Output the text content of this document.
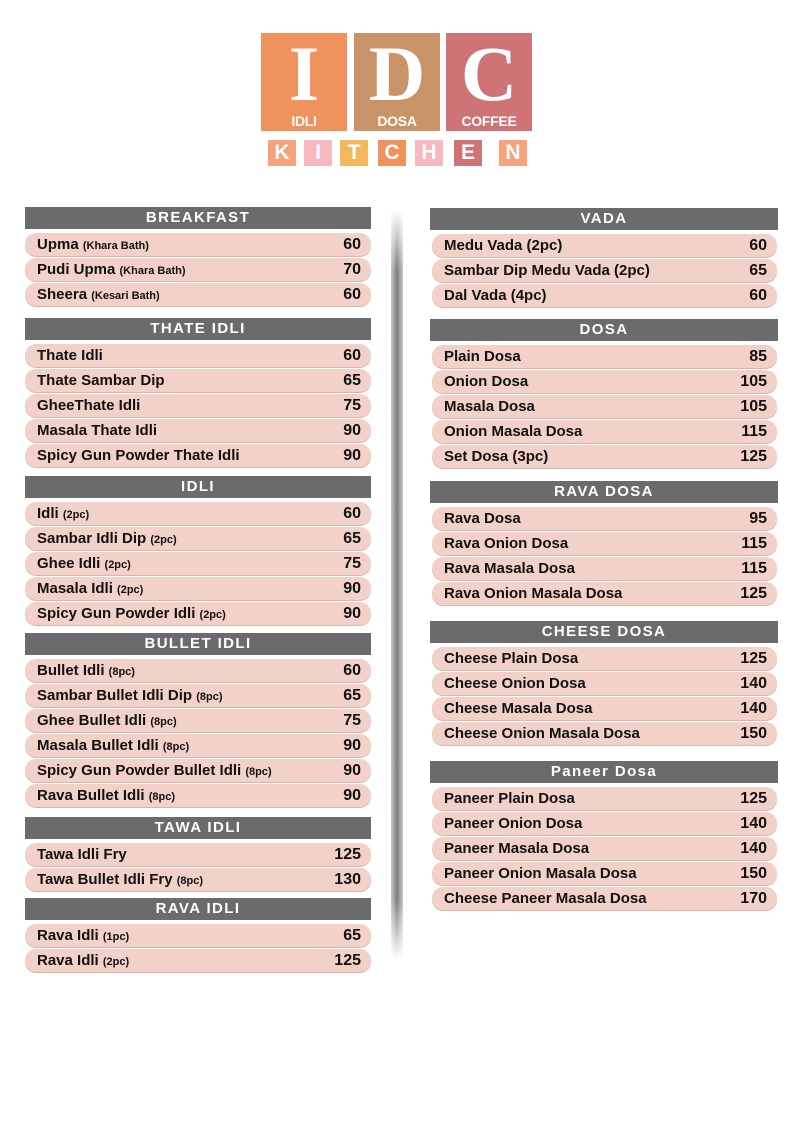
I
IDLI
D
DOSA
C
COFFEE
K	I	T	C	H	E	N
BREAKFAST
Upma (Khara Bath)	60
Pudi Upma (Khara Bath)	70
Sheera (Kesari Bath)	60
THATE IDLI
Thate Idli	60
Thate Sambar Dip	65
GheeThate Idli	75
Masala Thate Idli	90
Spicy Gun Powder Thate Idli	90
IDLI
Idli (2pc)	60
Sambar Idli Dip (2pc)	65
Ghee Idli (2pc)	75
Masala Idli (2pc)	90
Spicy Gun Powder Idli (2pc)	90
BULLET IDLI
Bullet Idli (8pc)	60
Sambar Bullet Idli Dip (8pc)	65
Ghee Bullet Idli (8pc)	75
Masala Bullet Idli (8pc)	90
Spicy Gun Powder Bullet Idli (8pc)	90
Rava Bullet Idli (8pc)	90
TAWA IDLI
Tawa Idli Fry	125
Tawa Bullet Idli Fry (8pc)	130
RAVA IDLI
Rava Idli (1pc)	65
Rava Idli (2pc)	125
VADA
Medu Vada (2pc)	60
Sambar Dip Medu Vada (2pc)	65
Dal Vada (4pc)	60
DOSA
Plain Dosa	85
Onion Dosa	105
Masala Dosa	105
Onion Masala Dosa	115
Set Dosa (3pc)	125
RAVA DOSA
Rava Dosa	95
Rava Onion Dosa	115
Rava Masala Dosa	115
Rava Onion Masala Dosa	125
CHEESE DOSA
Cheese Plain Dosa	125
Cheese Onion Dosa	140
Cheese Masala Dosa	140
Cheese Onion Masala Dosa	150
Paneer Dosa
Paneer Plain Dosa	125
Paneer Onion Dosa	140
Paneer Masala Dosa	140
Paneer Onion Masala Dosa	150
Cheese Paneer Masala Dosa	170
